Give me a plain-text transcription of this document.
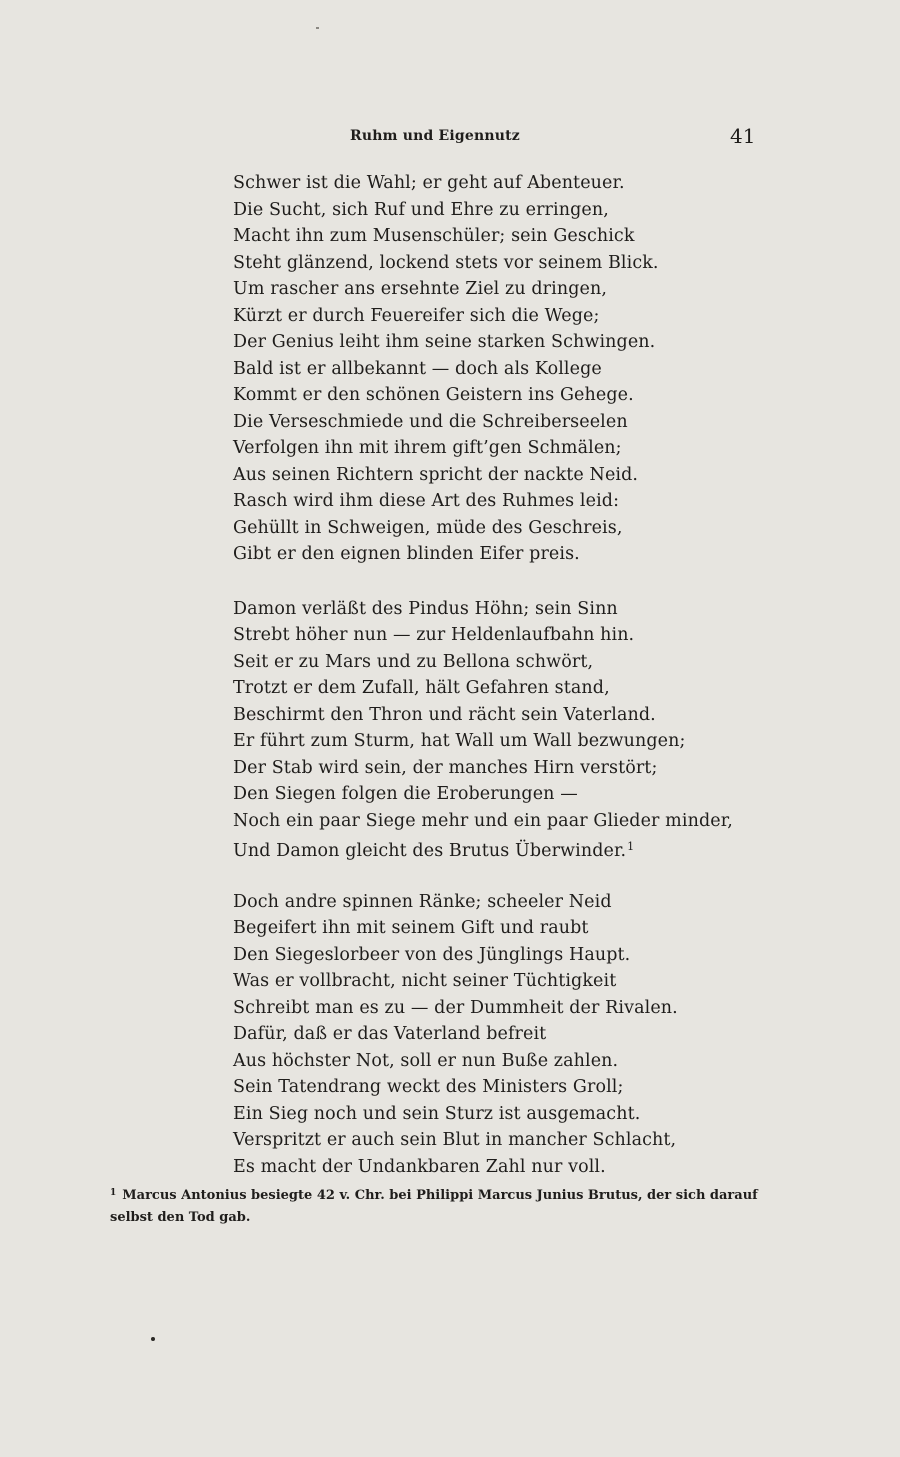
Ruhm und Eigennutz	41
Schwer ist die Wahl; er geht auf Abenteuer.
Die Sucht, sich Ruf und Ehre zu erringen,
Macht ihn zum Musenschüler; sein Geschick
Steht glänzend, lockend stets vor seinem Blick.
Um rascher ans ersehnte Ziel zu dringen,
Kürzt er durch Feuereifer sich die Wege;
Der Genius leiht ihm seine starken Schwingen.
Bald ist er allbekannt — doch als Kollege
Kommt er den schönen Geistern ins Gehege.
Die Verseschmiede und die Schreiberseelen
Verfolgen ihn mit ihrem gift’gen Schmälen;
Aus seinen Richtern spricht der nackte Neid.
Rasch wird ihm diese Art des Ruhmes leid:
Gehüllt in Schweigen, müde des Geschreis,
Gibt er den eignen blinden Eifer preis.
Damon verläßt des Pindus Höhn; sein Sinn
Strebt höher nun — zur Heldenlaufbahn hin.
Seit er zu Mars und zu Bellona schwört,
Trotzt er dem Zufall, hält Gefahren stand,
Beschirmt den Thron und rächt sein Vaterland.
Er führt zum Sturm, hat Wall um Wall bezwungen;
Der Stab wird sein, der manches Hirn verstört;
Den Siegen folgen die Eroberungen —
Noch ein paar Siege mehr und ein paar Glieder minder,
Und Damon gleicht des Brutus Überwinder.$^1$
Doch andre spinnen Ränke; scheeler Neid
Begeifert ihn mit seinem Gift und raubt
Den Siegeslorbeer von des Jünglings Haupt.
Was er vollbracht, nicht seiner Tüchtigkeit
Schreibt man es zu — der Dummheit der Rivalen.
Dafür, daß er das Vaterland befreit
Aus höchster Not, soll er nun Buße zahlen.
Sein Tatendrang weckt des Ministers Groll;
Ein Sieg noch und sein Sturz ist ausgemacht.
Verspritzt er auch sein Blut in mancher Schlacht,
Es macht der Undankbaren Zahl nur voll.
$^1$ Marcus Antonius besiegte 42 v. Chr. bei Philippi Marcus Junius Brutus, der sich darauf selbst den Tod gab.
